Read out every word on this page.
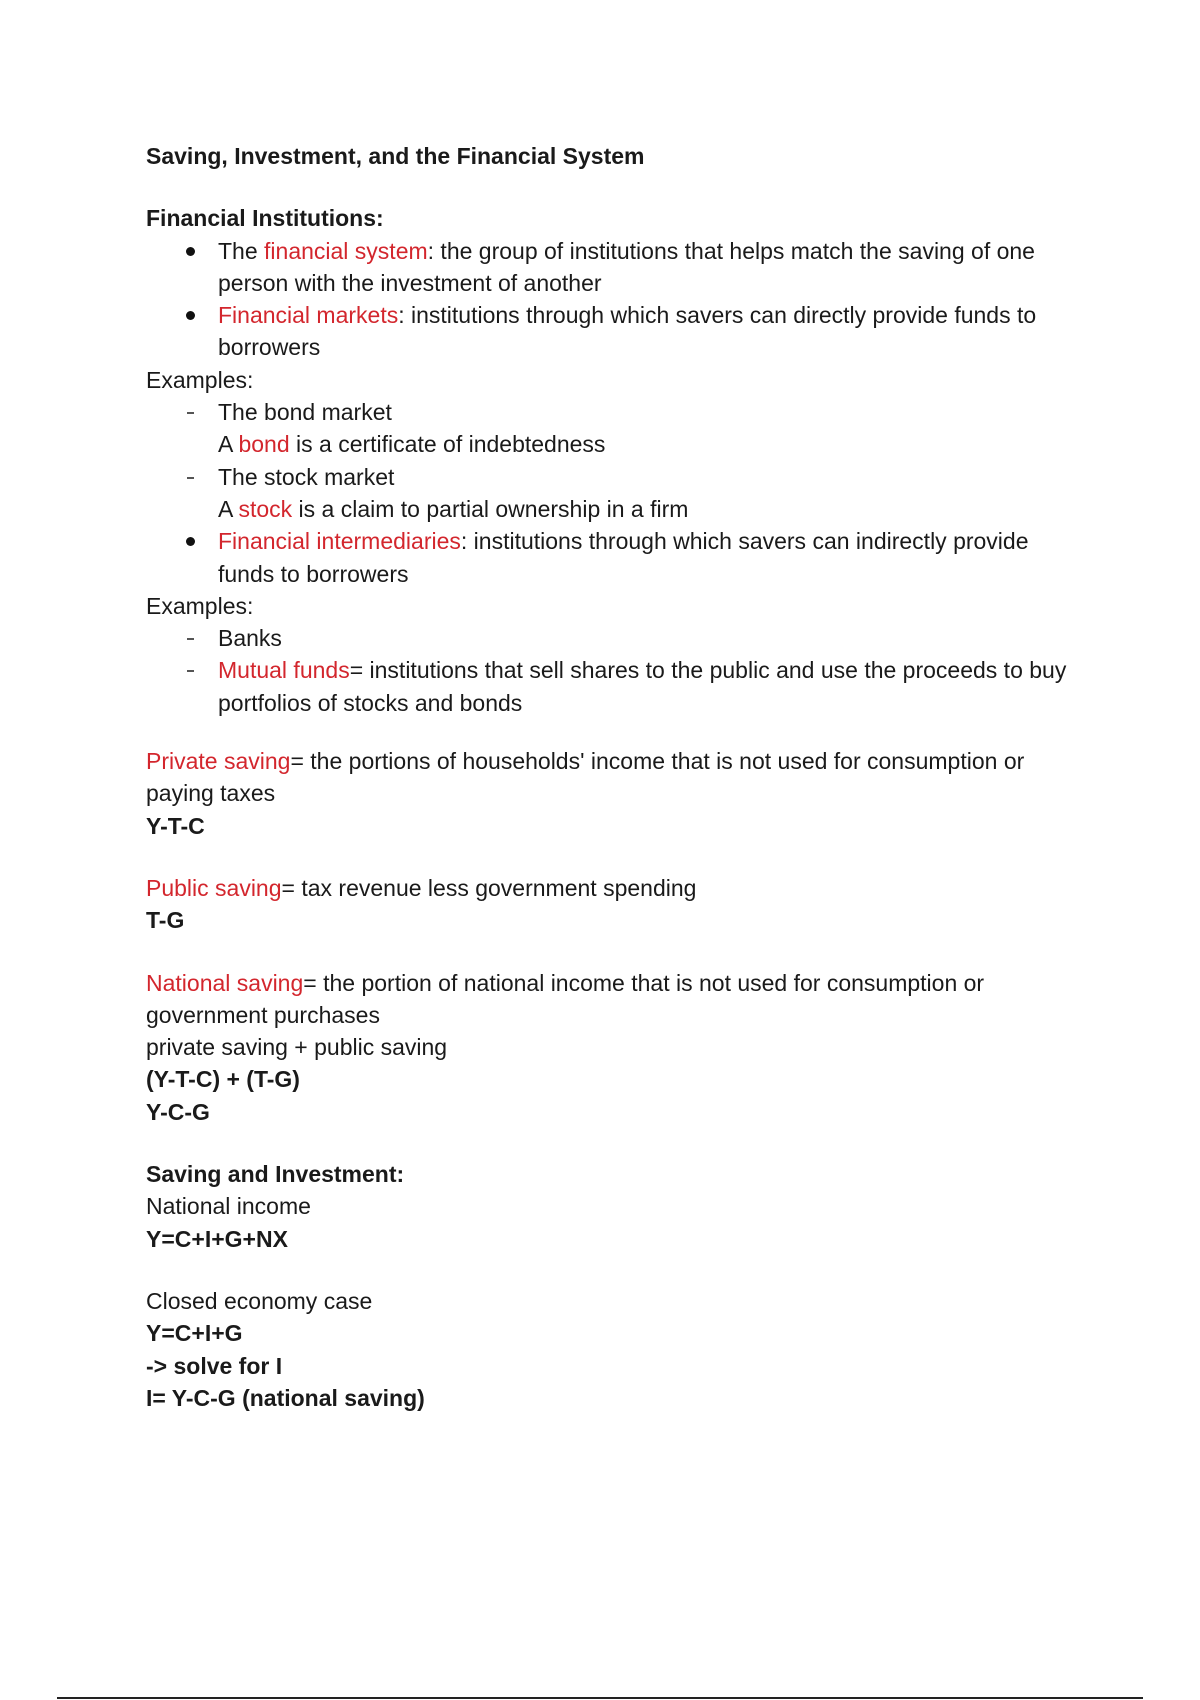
Saving, Investment, and the Financial System
Financial Institutions:
The financial system: the group of institutions that helps match the saving of one person with the investment of another
Financial markets: institutions through which savers can directly provide funds to borrowers
Examples:
The bond market
A bond is a certificate of indebtedness
The stock market
A stock is a claim to partial ownership in a firm
Financial intermediaries: institutions through which savers can indirectly provide funds to borrowers
Examples:
Banks
Mutual funds= institutions that sell shares to the public and use the proceeds to buy portfolios of stocks and bonds
Private saving= the portions of households' income that is not used for consumption or paying taxes
Y-T-C
Public saving= tax revenue less government spending
T-G
National saving= the portion of national income that is not used for consumption or government purchases
private saving + public saving
(Y-T-C) + (T-G)
Y-C-G
Saving and Investment:
National income
Y=C+I+G+NX
Closed economy case
Y=C+I+G
-> solve for I
I= Y-C-G (national saving)
